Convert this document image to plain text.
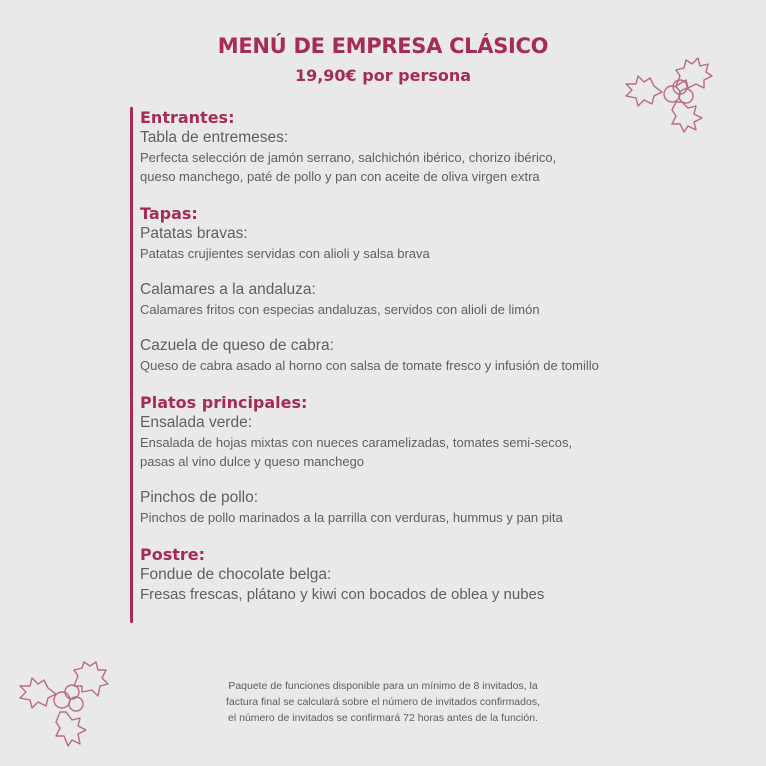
MENÚ DE EMPRESA CLÁSICO
19,90€ por persona
Entrantes:
Tabla de entremeses:
Perfecta selección de jamón serrano, salchichón ibérico, chorizo ibérico,
queso manchego, paté de pollo y pan con aceite de oliva virgen extra
Tapas:
Patatas bravas:
Patatas crujientes servidas con alioli y salsa brava
Calamares a la andaluza:
Calamares fritos con especias andaluzas, servidos con alioli de limón
Cazuela de queso de cabra:
Queso de cabra asado al horno con salsa de tomate fresco y infusión de tomillo
Platos principales:
Ensalada verde:
Ensalada de hojas mixtas con nueces caramelizadas, tomates semi-secos,
pasas al vino dulce y queso manchego
Pinchos de pollo:
Pinchos de pollo marinados a la parrilla con verduras, hummus y pan pita
Postre:
Fondue de chocolate belga:
Fresas frescas, plátano y kiwi con bocados de oblea y nubes
Paquete de funciones disponible para un mínimo de 8 invitados, la
factura final se calculará sobre el número de invitados confirmados,
el número de invitados se confirmará 72 horas antes de la función.
